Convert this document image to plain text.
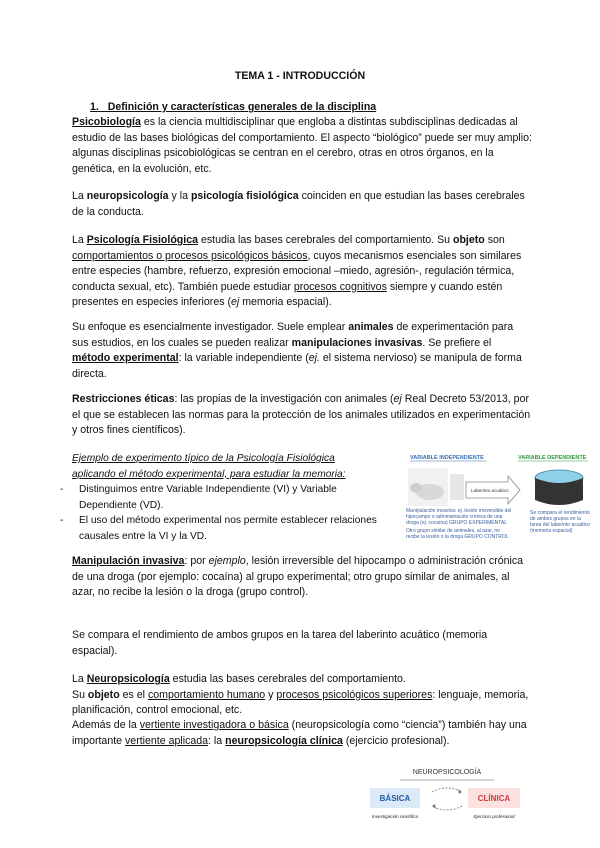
TEMA 1 - INTRODUCCIÓN
1. Definición y características generales de la disciplina
Psicobiología es la ciencia multidisciplinar que engloba a distintas subdisciplinas dedicadas al estudio de las bases biológicas del comportamiento. El aspecto “biológico” puede ser muy amplio: algunas disciplinas psicobiológicas se centran en el cerebro, otras en otros órganos, en la genética, en la evolución, etc.
La neuropsicología y la psicología fisiológica coinciden en que estudian las bases cerebrales de la conducta.
La Psicología Fisiológica estudia las bases cerebrales del comportamiento. Su objeto son comportamientos o procesos psicológicos básicos, cuyos mecanismos esenciales son similares entre especies (hambre, refuerzo, expresión emocional –miedo, agresión-, regulación térmica, conducta sexual, etc). También puede estudiar procesos cognitivos siempre y cuando estén presentes en especies inferiores (ej memoria espacial).
Su enfoque es esencialmente investigador. Suele emplear animales de experimentación para sus estudios, en los cuales se pueden realizar manipulaciones invasivas. Se prefiere el método experimental: la variable independiente (ej. el sistema nervioso) se manipula de forma directa.
Restricciones éticas: las propias de la investigación con animales (ej Real Decreto 53/2013, por el que se establecen las normas para la protección de los animales utilizados en experimentación y otros fines científicos).
Ejemplo de experimento típico de la Psicología Fisiológica
aplicando el método experimental, para estudiar la memoria:
- Distinguimos entre Variable Independiente (VI) y Variable Dependiente (VD).
- El uso del método experimental nos permite establecer relaciones causales entre la VI y la VD.
VARIABLE INDEPENDIENTE	VARIABLE DEPENDIENTE
Laberinto acuático
Manipulación invasiva: ej. lesión irreversible del hipocampo o administración crónica de una droga (ej. cocaína) GRUPO EXPERIMENTAL
Otro grupo similar de animales, al azar, no recibe la lesión o la droga GRUPO CONTROL
Se compara el rendimiento de ambos grupos en la tarea del laberinto acuático (memoria espacial)
Manipulación invasiva: por ejemplo, lesión irreversible del hipocampo o administración crónica de una droga (por ejemplo: cocaína) al grupo experimental; otro grupo similar de animales, al azar, no recibe la lesión o la droga (grupo control).
Se compara el rendimiento de ambos grupos en la tarea del laberinto acuático (memoria espacial).
La Neuropsicología estudia las bases cerebrales del comportamiento.
Su objeto es el comportamiento humano y procesos psicológicos superiores: lenguaje, memoria, planificación, control emocional, etc.
Además de la vertiente investigadora o básica (neuropsicología como “ciencia”) también hay una importante vertiente aplicada: la neuropsicología clínica (ejercicio profesional).
NEUROPSICOLOGÍA
BÁSICA	CLÍNICA
Investigación científica	Ejercicio profesional
